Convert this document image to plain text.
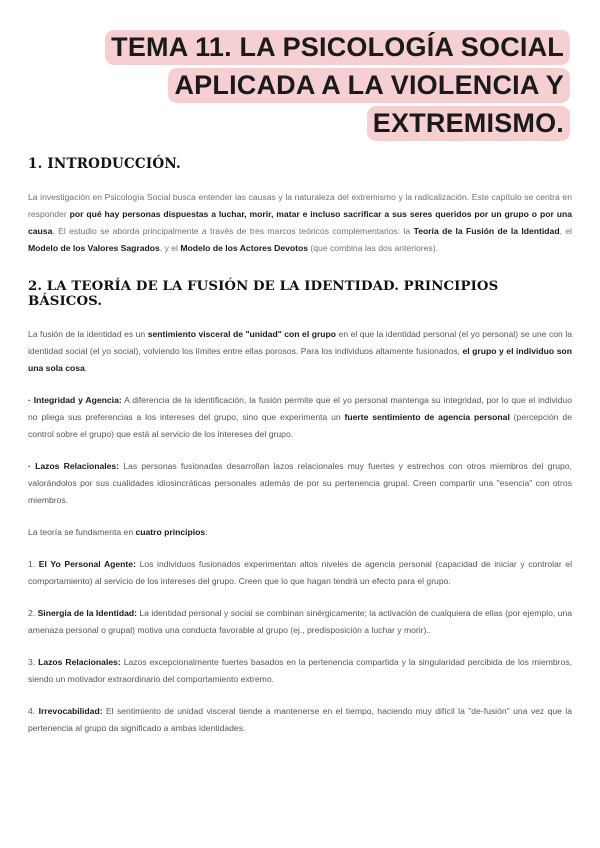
TEMA 11. LA PSICOLOGÍA SOCIAL
APLICADA A LA VIOLENCIA Y
EXTREMISMO.
1. INTRODUCCIÓN.

La investigación en Psicología Social busca entender las causas y la naturaleza del extremismo y la radicalización. Este capítulo se centra en responder por qué hay personas dispuestas a luchar, morir, matar e incluso sacrificar a sus seres queridos por un grupo o por una causa. El estudio se aborda principalmente a través de tres marcos teóricos complementarios: la Teoría de la Fusión de la Identidad, el Modelo de los Valores Sagrados, y el Modelo de los Actores Devotos (que combina las dos anteriores).

2. LA TEORÍA DE LA FUSIÓN DE LA IDENTIDAD. PRINCIPIOS BÁSICOS.

La fusión de la identidad es un sentimiento visceral de "unidad" con el grupo en el que la identidad personal (el yo personal) se une con la identidad social (el yo social), volviendo los límites entre ellas porosos. Para los individuos altamente fusionados, el grupo y el individuo son una sola cosa.

· Integridad y Agencia: A diferencia de la identificación, la fusión permite que el yo personal mantenga su integridad, por lo que el individuo no pliega sus preferencias a los intereses del grupo, sino que experimenta un fuerte sentimiento de agencia personal (percepción de control sobre el grupo) que está al servicio de los intereses del grupo.

· Lazos Relacionales: Las personas fusionadas desarrollan lazos relacionales muy fuertes y estrechos con otros miembros del grupo, valorándolos por sus cualidades idiosincráticas personales además de por su pertenencia grupal. Creen compartir una "esencia" con otros miembros.

La teoría se fundamenta en cuatro principios:

1. El Yo Personal Agente: Los individuos fusionados experimentan altos niveles de agencia personal (capacidad de iniciar y controlar el comportamiento) al servicio de los intereses del grupo. Creen que lo que hagan tendrá un efecto para el grupo.

2. Sinergia de la Identidad: La identidad personal y social se combinan sinérgicamente; la activación de cualquiera de ellas (por ejemplo, una amenaza personal o grupal) motiva una conducta favorable al grupo (ej., predisposición a luchar y morir)..

3. Lazos Relacionales: Lazos excepcionalmente fuertes basados en la pertenencia compartida y la singularidad percibida de los miembros, siendo un motivador extraordinario del comportamiento extremo.

4. Irrevocabilidad: El sentimiento de unidad visceral tiende a mantenerse en el tiempo, haciendo muy difícil la "de-fusión" una vez que la pertenencia al grupo da significado a ambas identidades.
